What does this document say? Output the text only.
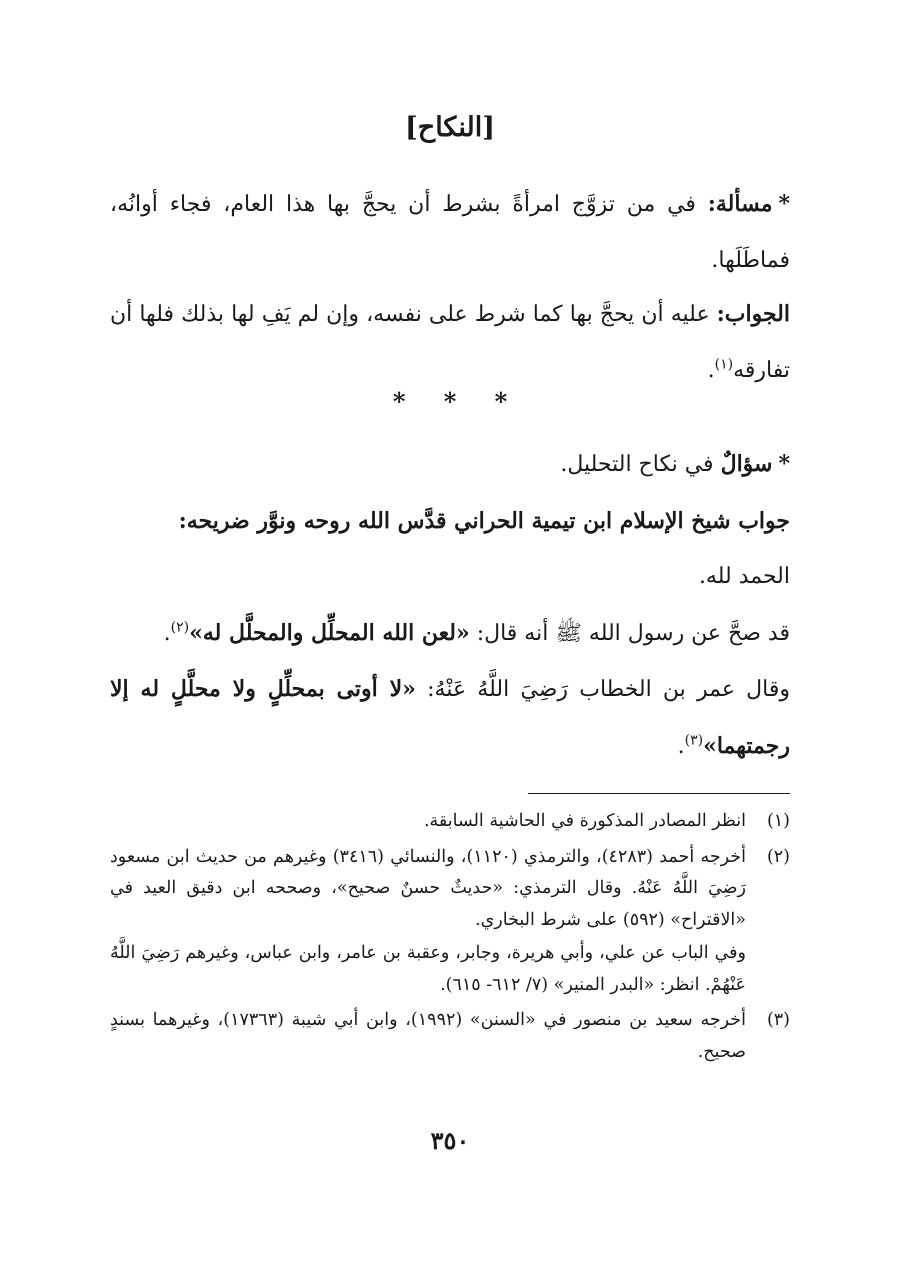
[النكاح]

*مسألة: في من تزوَّج امرأةً بشرط أن يحجَّ بها هذا العام، فجاء أوانُه، فماطَلَها.

الجواب: عليه أن يحجَّ بها كما شرط على نفسه، وإن لم يَفِ لها بذلك فلها أن تفارقه$^{(١)}$.

* * *

*سؤالٌ في نكاح التحليل.

جواب شيخ الإسلام ابن تيمية الحراني قدَّس الله روحه ونوَّر ضريحه:

الحمد لله.

قد صحَّ عن رسول الله ﷺ أنه قال: «لعن الله المحلِّل والمحلَّل له»$^{(٢)}$.

وقال عمر بن الخطاب رَضِيَ اللَّهُ عَنْهُ: «لا أوتى بمحلِّلٍ ولا محلَّلٍ له إلا رجمتهما»$^{(٣)}$.

(١)
انظر المصادر المذكورة في الحاشية السابقة.
(٢)
أخرجه أحمد (٤٢٨٣)، والترمذي (١١٢٠)، والنسائي (٣٤١٦) وغيرهم من حديث ابن مسعود رَضِيَ اللَّهُ عَنْهُ. وقال الترمذي: «حديثٌ حسنٌ صحيح»، وصححه ابن دقيق العيد في «الاقتراح» (٥٩٢) على شرط البخاري.
وفي الباب عن علي، وأبي هريرة، وجابر، وعقبة بن عامر، وابن عباس، وغيرهم رَضِيَ اللَّهُ عَنْهُمْ. انظر: «البدر المنير» (٧/ ٦١٢- ٦١٥).
(٣)
أخرجه سعيد بن منصور في «السنن» (١٩٩٢)، وابن أبي شيبة (١٧٣٦٣)، وغيرهما بسندٍ صحيح.

٣٥٠
